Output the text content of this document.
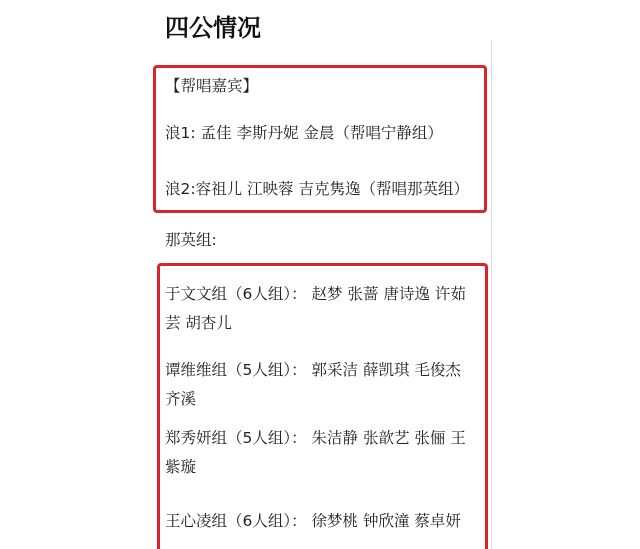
四公情况
【帮唱嘉宾】
浪1: 孟佳 李斯丹妮 金晨（帮唱宁静组）
浪2:容祖儿 江映蓉 吉克隽逸（帮唱那英组）
那英组:
于文文组（6人组）： 赵梦 张蔷 唐诗逸 许茹
芸 胡杏儿
谭维维组（5人组）： 郭采洁 薛凯琪 毛俊杰
齐溪
郑秀妍组（5人组）： 朱洁静 张歆艺 张俪 王
紫璇
王心凌组（6人组）： 徐梦桃 钟欣潼 蔡卓妍
